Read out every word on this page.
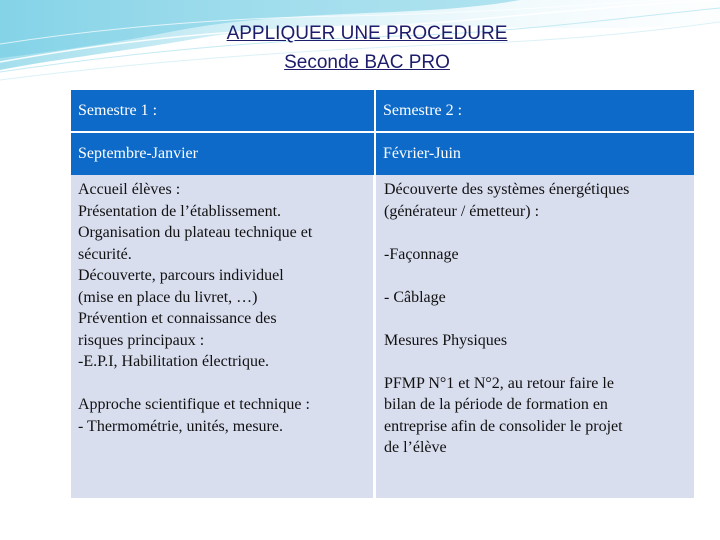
APPLIQUER UNE PROCEDURE
Seconde BAC PRO
Semestre 1 :	Semestre 2 :
Septembre-Janvier	Février-Juin
Accueil élèves :
Présentation de l’établissement.
Organisation du plateau technique et
sécurité.
Découverte, parcours individuel
(mise en place du livret, …)
Prévention et connaissance des
risques principaux :
-E.P.I, Habilitation électrique.
Approche scientifique et technique :
- Thermométrie, unités, mesure.
Découverte des systèmes énergétiques
(générateur / émetteur) :
-Façonnage
- Câblage
Mesures Physiques
PFMP N°1 et N°2, au retour faire le
bilan de la période de formation en
entreprise afin de consolider le projet
de l’élève
